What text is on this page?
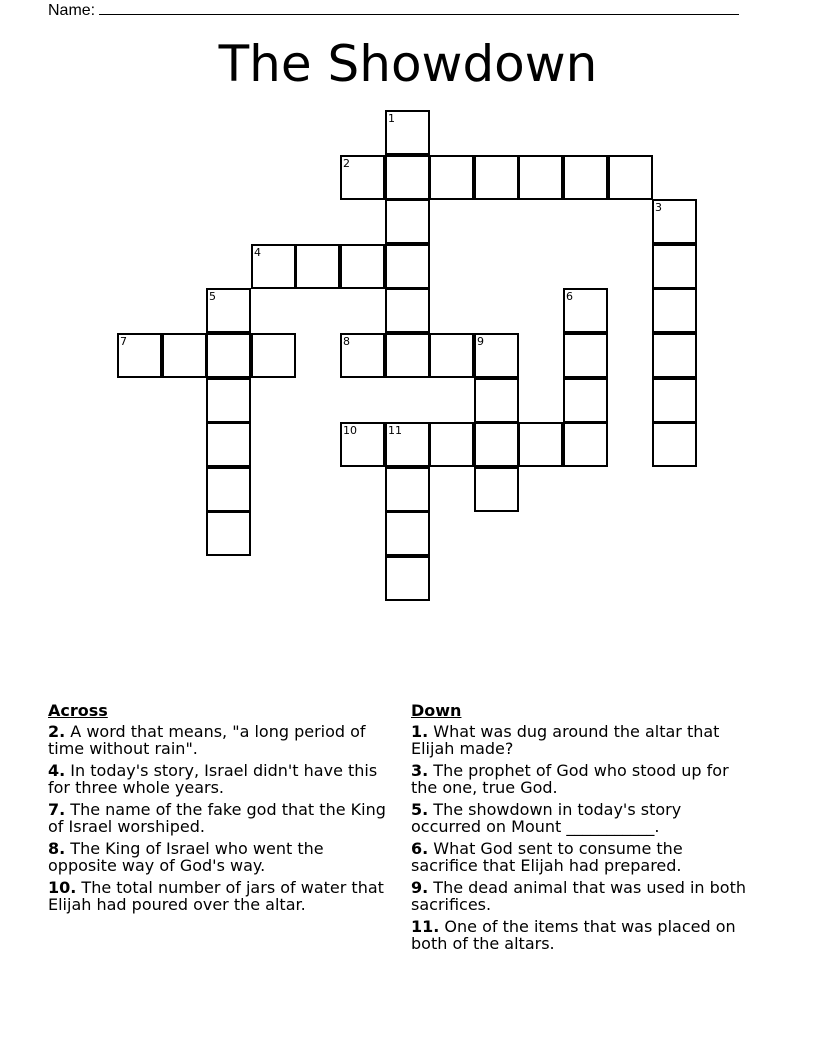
Name:
The Showdown
1
2
3
4
5	6
7	8	9
10	11
Across
2. A word that means, "a long period of time without rain".
4. In today's story, Israel didn't have this for three whole years.
7. The name of the fake god that the King of Israel worshiped.
8. The King of Israel who went the opposite way of God's way.
10. The total number of jars of water that Elijah had poured over the altar.
Down
1. What was dug around the altar that Elijah made?
3. The prophet of God who stood up for the one, true God.
5. The showdown in today's story occurred on Mount ___________.
6. What God sent to consume the sacrifice that Elijah had prepared.
9. The dead animal that was used in both sacrifices.
11. One of the items that was placed on both of the altars.
